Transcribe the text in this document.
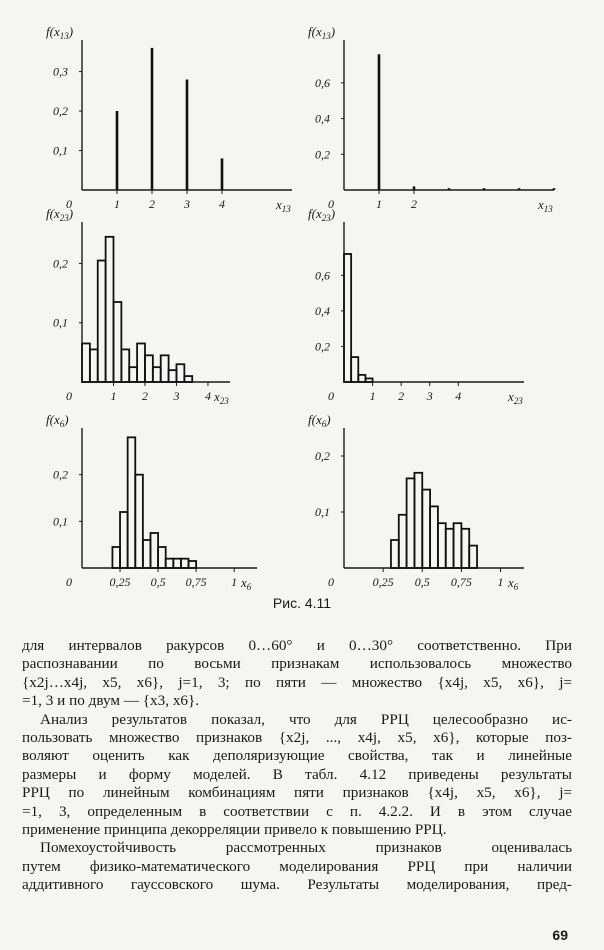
$f(x_{13})$
0,1
0,2
0,3
0	1 2 3 4	$x_{13}$
$f(x_{13})$
0,2
0,4
0,6
0	1 2	$x_{13}$
$f(x_{23})$
0,1
0,2
0	1 2 3 4 $x_{23}$
$f(x_{23})$
0,2
0,4
0,6
0	1 2 3 4	$x_{23}$
$f(x_6)$
0,1
0,2
0	0,25 0,5 0,75 1 $x_6$
$f(x_6)$
0,1
0,2
0	0,25 0,5 0,75 1 $x_6$
Рис. 4.11

для интервалов ракурсов 0…60° и 0…30° соответственно. При
распознавании по восьми признакам использовалось множество
{x2j…x4j, x5, x6}, j=1, 3; по пяти — множество {x4j, x5, x6}, j=
=1, 3 и по двум — {x3, x6}.

Анализ результатов показал, что для РРЦ целесообразно ис-
пользовать множество признаков {x2j, ..., x4j, x5, x6}, которые поз-
воляют оценить как деполяризующие свойства, так и линейные
размеры и форму моделей. В табл. 4.12 приведены результаты
РРЦ по линейным комбинациям пяти признаков {x4j, x5, x6}, j=
=1, 3, определенным в соответствии с п. 4.2.2. И в этом случае
применение принципа декорреляции привело к повышению РРЦ.

Помехоустойчивость рассмотренных признаков оценивалась
путем физико-математического моделирования РРЦ при наличии
аддитивного гауссовского шума. Результаты моделирования, пред-

69
